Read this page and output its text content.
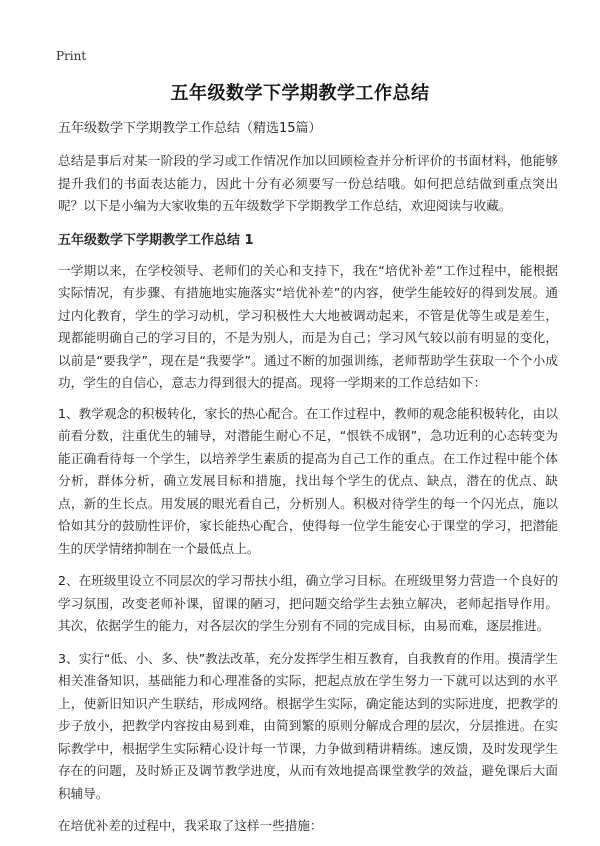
Print
五年级数学下学期教学工作总结

五年级数学下学期教学工作总结（精选15篇）

总结是事后对某一阶段的学习或工作情况作加以回顾检查并分析评价的书面材料，他能够提升我们的书面表达能力，因此十分有必须要写一份总结哦。如何把总结做到重点突出呢？以下是小编为大家收集的五年级数学下学期教学工作总结，欢迎阅读与收藏。

五年级数学下学期教学工作总结 1

一学期以来，在学校领导、老师们的关心和支持下，我在“培优补差”工作过程中，能根据实际情况，有步骤、有措施地实施落实“培优补差”的内容，使学生能较好的得到发展。通过内化教育，学生的学习动机，学习积极性大大地被调动起来，不管是优等生或是差生，现都能明确自己的学习目的，不是为别人，而是为自己；学习风气较以前有明显的变化，以前是“要我学”，现在是“我要学”。通过不断的加强训练，老师帮助学生获取一个个小成功，学生的自信心，意志力得到很大的提高。现将一学期来的工作总结如下：

1、教学观念的积极转化，家长的热心配合。在工作过程中，教师的观念能积极转化，由以前看分数，注重优生的辅导，对潜能生耐心不足，“恨铁不成钢”，急功近利的心态转变为能正确看待每一个学生，以培养学生素质的提高为自己工作的重点。在工作过程中能个体分析，群体分析，确立发展目标和措施，找出每个学生的优点、缺点，潜在的优点、缺点，新的生长点。用发展的眼光看自己，分析别人。积极对待学生的每一个闪光点，施以恰如其分的鼓励性评价，家长能热心配合，使得每一位学生能安心于课堂的学习，把潜能生的厌学情绪抑制在一个最低点上。

2、在班级里设立不同层次的学习帮扶小组，确立学习目标。在班级里努力营造一个良好的学习氛围，改变老师补课，留课的陋习，把问题交给学生去独立解决，老师起指导作用。其次，依据学生的能力，对各层次的学生分别有不同的完成目标，由易而难，逐层推进。

3、实行“低、小、多、快”教法改革，充分发挥学生相互教育，自我教育的作用。摸清学生相关准备知识，基础能力和心理准备的实际，把起点放在学生努力一下就可以达到的水平上，使新旧知识产生联结，形成网络。根据学生实际，确定能达到的实际进度，把教学的步子放小，把教学内容按由易到难，由简到繁的原则分解成合理的层次，分层推进。在实际教学中，根据学生实际精心设计每一节课，力争做到精讲精练。速反馈，及时发现学生存在的问题，及时矫正及调节教学进度，从而有效地提高课堂教学的效益，避免课后大面积辅导。

在培优补差的过程中，我采取了这样一些措施：
